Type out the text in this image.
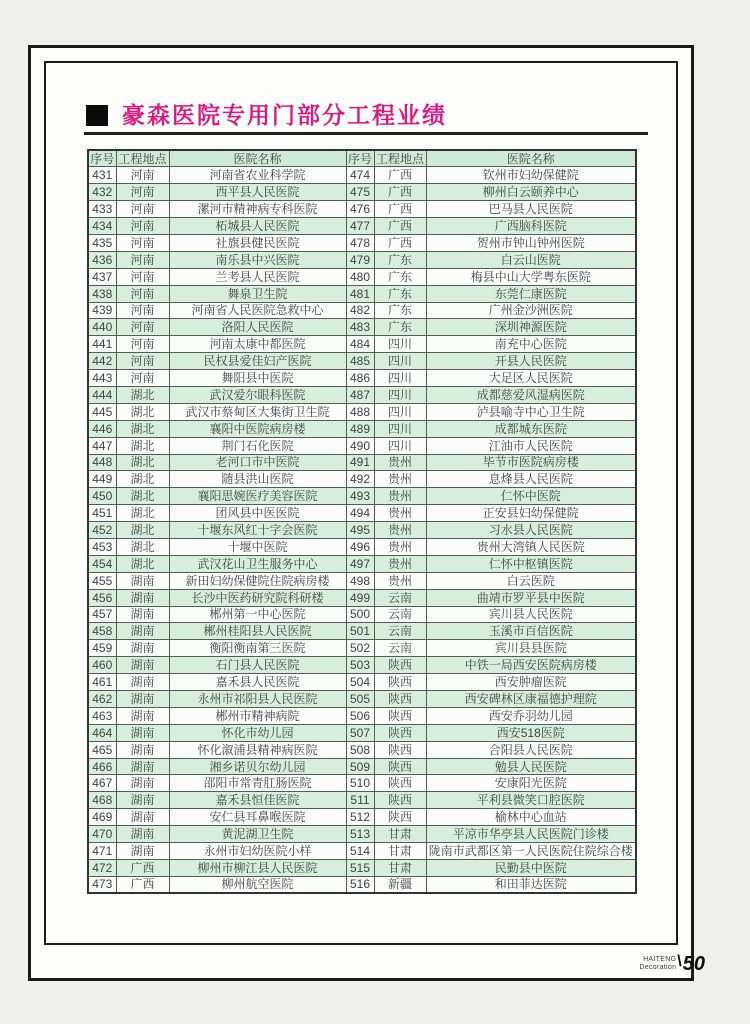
豪森医院专用门部分工程业绩
序号	工程地点	医院名称	序号	工程地点	医院名称
431	河南	河南省农业科学院	474	广西	钦州市妇幼保健院
432	河南	西平县人民医院	475	广西	柳州白云颐养中心
433	河南	漯河市精神病专科医院	476	广西	巴马县人民医院
434	河南	柘城县人民医院	477	广西	广西脑科医院
435	河南	社旗县健民医院	478	广西	贺州市钟山钟州医院
436	河南	南乐县中兴医院	479	广东	白云山医院
437	河南	兰考县人民医院	480	广东	梅县中山大学粤东医院
438	河南	舞泉卫生院	481	广东	东莞仁康医院
439	河南	河南省人民医院急救中心	482	广东	广州金沙洲医院
440	河南	洛阳人民医院	483	广东	深圳神源医院
441	河南	河南太康中都医院	484	四川	南充中心医院
442	河南	民权县爱佳妇产医院	485	四川	开县人民医院
443	河南	舞阳县中医院	486	四川	大足区人民医院
444	湖北	武汉爱尔眼科医院	487	四川	成都慈爱风湿病医院
445	湖北	武汉市蔡甸区大集街卫生院	488	四川	泸县喻寺中心卫生院
446	湖北	襄阳中医院病房楼	489	四川	成都城东医院
447	湖北	荆门石化医院	490	四川	江油市人民医院
448	湖北	老河口市中医院	491	贵州	毕节市医院病房楼
449	湖北	随县洪山医院	492	贵州	息烽县人民医院
450	湖北	襄阳思婉医疗美容医院	493	贵州	仁怀中医院
451	湖北	团风县中医医院	494	贵州	正安县妇幼保健院
452	湖北	十堰东风红十字会医院	495	贵州	习水县人民医院
453	湖北	十堰中医院	496	贵州	贵州大湾镇人民医院
454	湖北	武汉花山卫生服务中心	497	贵州	仁怀中枢镇医院
455	湖南	新田妇幼保健院住院病房楼	498	贵州	白云医院
456	湖南	长沙中医药研究院科研楼	499	云南	曲靖市罗平县中医院
457	湖南	郴州第一中心医院	500	云南	宾川县人民医院
458	湖南	郴州桂阳县人民医院	501	云南	玉溪市百信医院
459	湖南	衡阳衡南第三医院	502	云南	宾川县县医院
460	湖南	石门县人民医院	503	陕西	中铁一局西安医院病房楼
461	湖南	嘉禾县人民医院	504	陕西	西安肿瘤医院
462	湖南	永州市祁阳县人民医院	505	陕西	西安碑林区康福德护理院
463	湖南	郴州市精神病院	506	陕西	西安乔羽幼儿园
464	湖南	怀化市幼儿园	507	陕西	西安518医院
465	湖南	怀化溆浦县精神病医院	508	陕西	合阳县人民医院
466	湖南	湘乡诺贝尔幼儿园	509	陕西	勉县人民医院
467	湖南	邵阳市常青肛肠医院	510	陕西	安康阳光医院
468	湖南	嘉禾县恒佳医院	511	陕西	平利县微笑口腔医院
469	湖南	安仁县耳鼻喉医院	512	陕西	榆林中心血站
470	湖南	黄泥湖卫生院	513	甘肃	平凉市华亭县人民医院门诊楼
471	湖南	永州市妇幼医院小样	514	甘肃	陇南市武都区第一人民医院住院综合楼
472	广西	柳州市柳江县人民医院	515	甘肃	民勤县中医院
473	广西	柳州航空医院	516	新疆	和田菲达医院
HAITENG
Decoration \ 50
